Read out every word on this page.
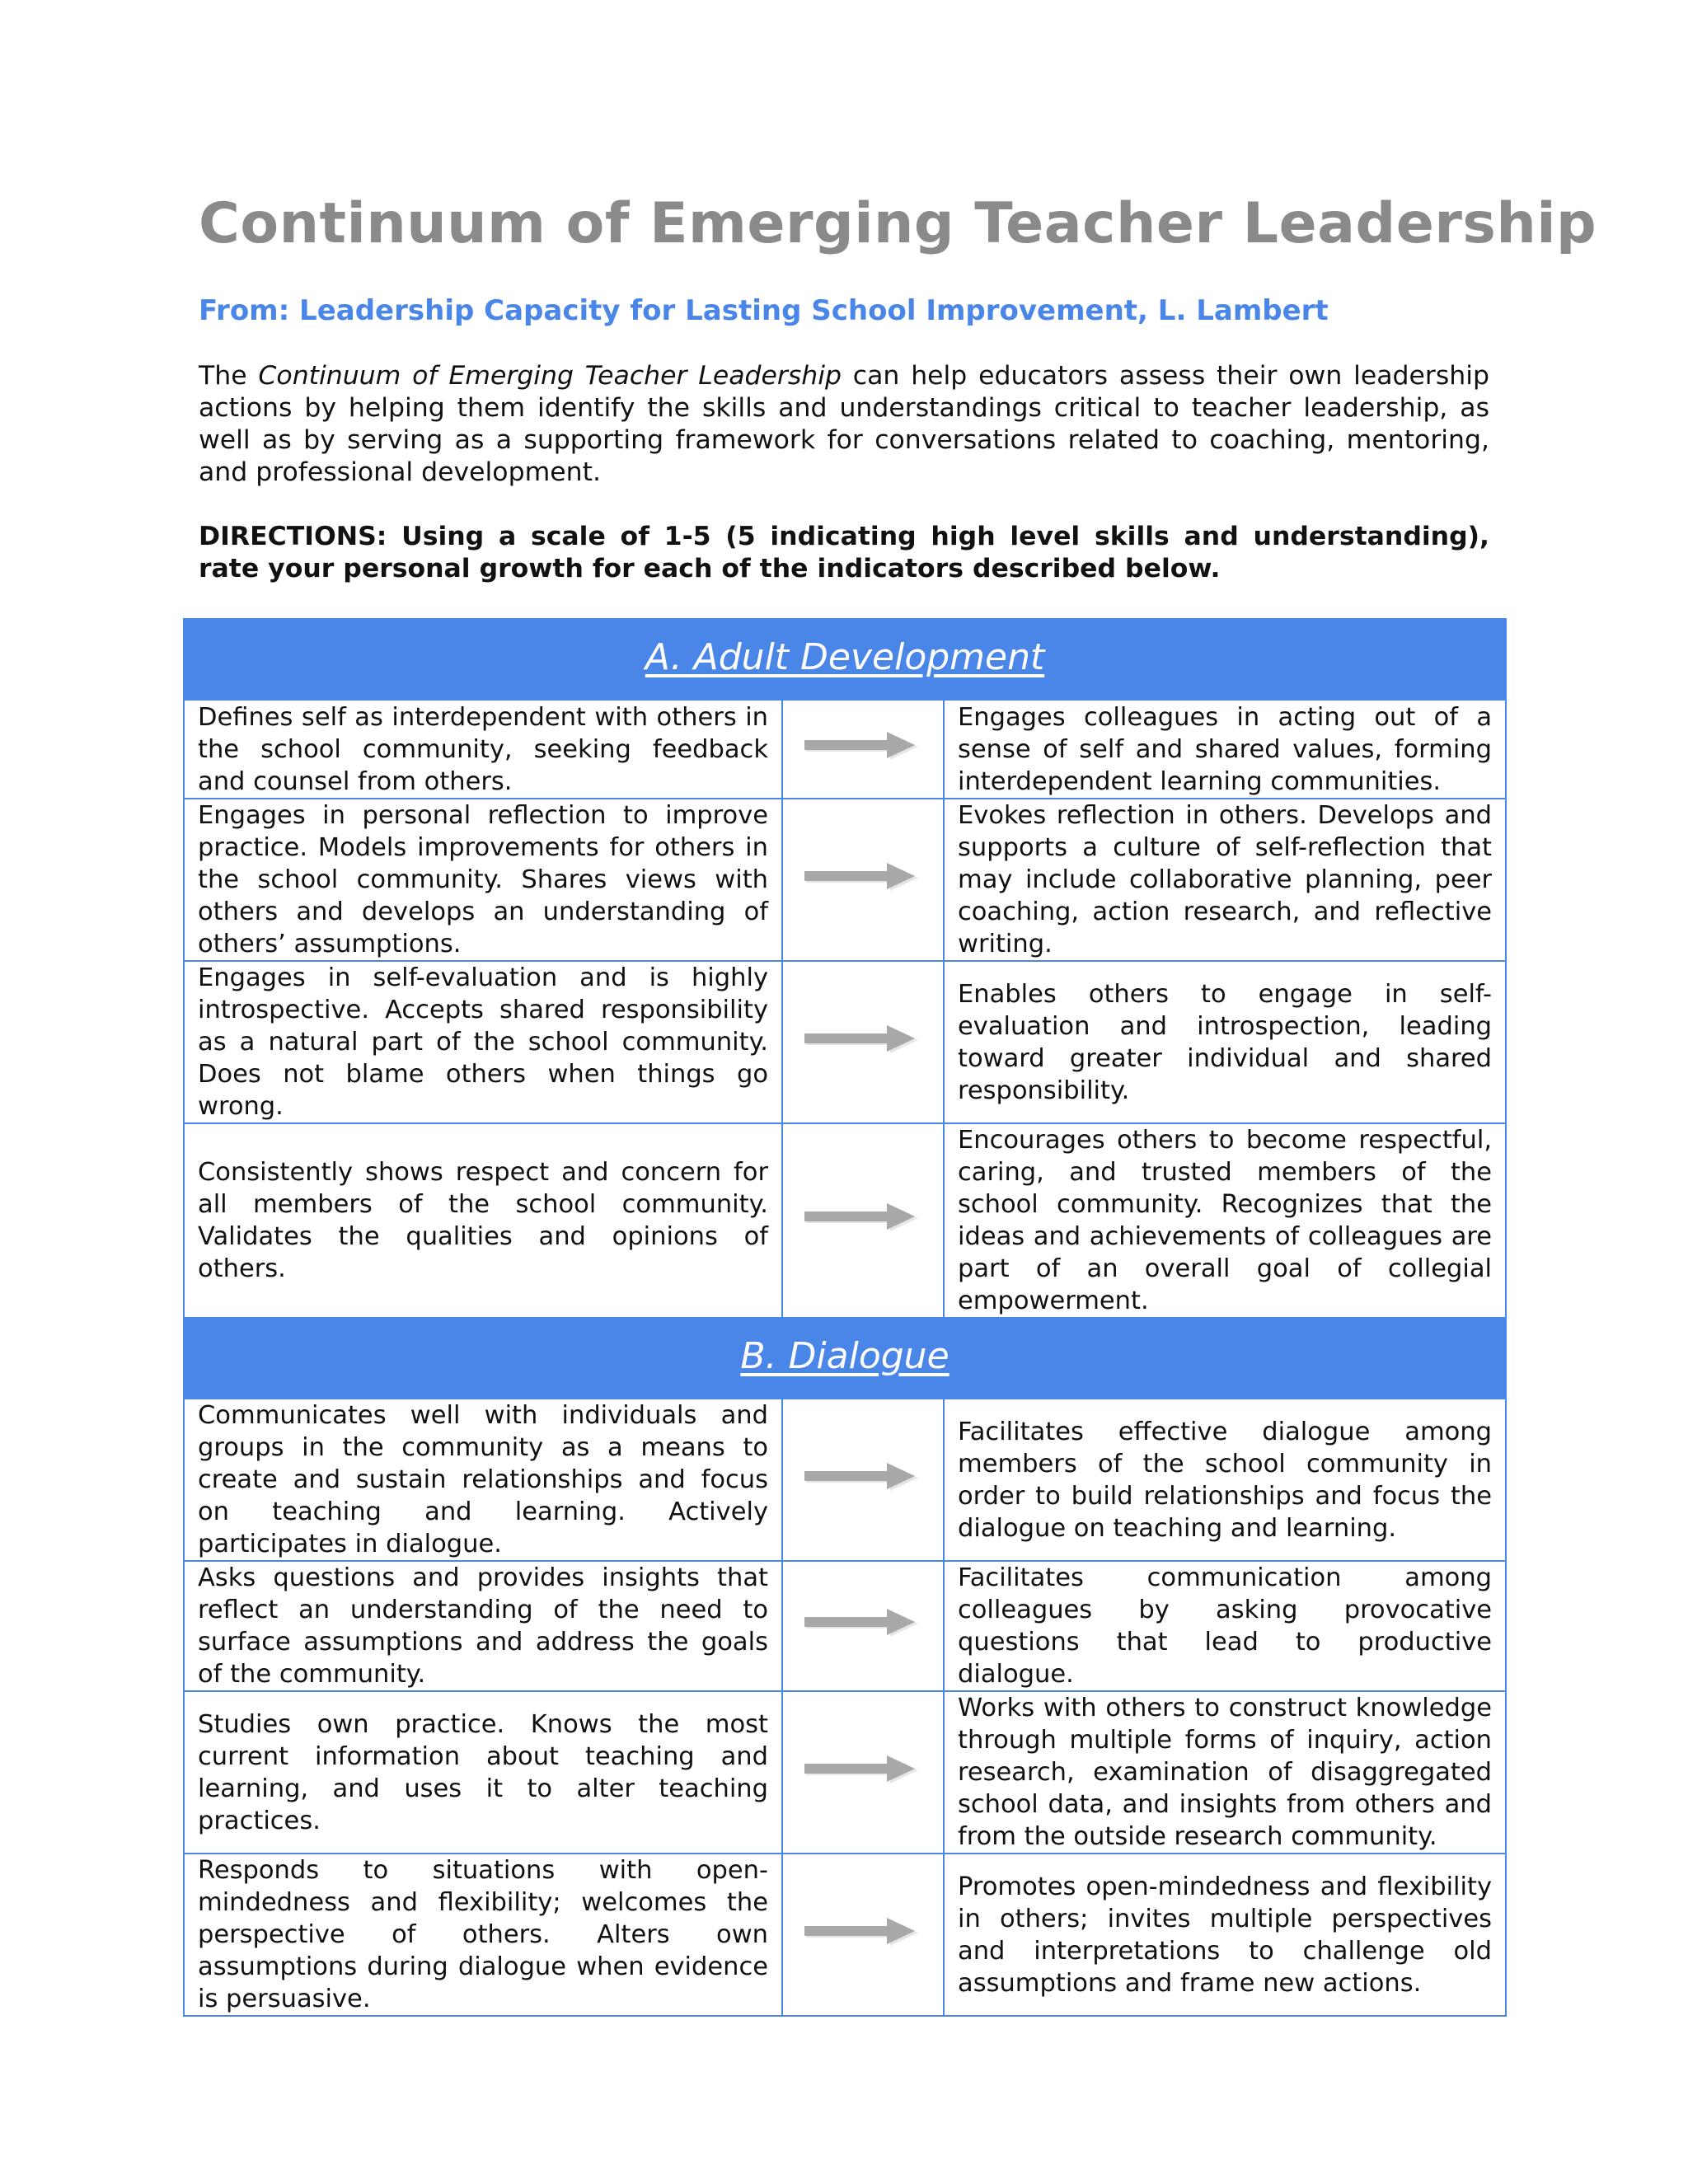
Continuum of Emerging Teacher Leadership

From: Leadership Capacity for Lasting School Improvement, L. Lambert

The Continuum of Emerging Teacher Leadership can help educators assess their own leadership actions by helping them identify the skills and understandings critical to teacher leadership, as well as by serving as a supporting framework for conversations related to coaching, mentoring, and professional development.

DIRECTIONS: Using a scale of 1-5 (5 indicating high level skills and understanding), rate your personal growth for each of the indicators described below.

A. Adult Development		
Defines self as interdependent with others in the school community, seeking feedback and counsel from others.		Engages colleagues in acting out of a sense of self and shared values, forming interdependent learning communities.
Engages in personal reflection to improve practice. Models improvements for others in the school community. Shares views with others and develops an understanding of others’ assumptions.		Evokes reflection in others. Develops and supports a culture of self-reflection that may include collaborative planning, peer coaching, action research, and reflective writing.
Engages in self-evaluation and is highly introspective. Accepts shared responsibility as a natural part of the school community. Does not blame others when things go wrong.		Enables others to engage in self-evaluation and introspection, leading toward greater individual and shared responsibility.
Consistently shows respect and concern for all members of the school community. Validates the qualities and opinions of others.		Encourages others to become respectful, caring, and trusted members of the school community. Recognizes that the ideas and achievements of colleagues are part of an overall goal of collegial empowerment.
B. Dialogue		
Communicates well with individuals and groups in the community as a means to create and sustain relationships and focus on teaching and learning. Actively participates in dialogue.		Facilitates effective dialogue among members of the school community in order to build relationships and focus the dialogue on teaching and learning.
Asks questions and provides insights that reflect an understanding of the need to surface assumptions and address the goals of the community.		Facilitates communication among colleagues by asking provocative questions that lead to productive dialogue.
Studies own practice. Knows the most current information about teaching and learning, and uses it to alter teaching practices.		Works with others to construct knowledge through multiple forms of inquiry, action research, examination of disaggregated school data, and insights from others and from the outside research community.
Responds to situations with open-mindedness and flexibility; welcomes the perspective of others. Alters own assumptions during dialogue when evidence is persuasive.		Promotes open-mindedness and flexibility in others; invites multiple perspectives and interpretations to challenge old assumptions and frame new actions.
